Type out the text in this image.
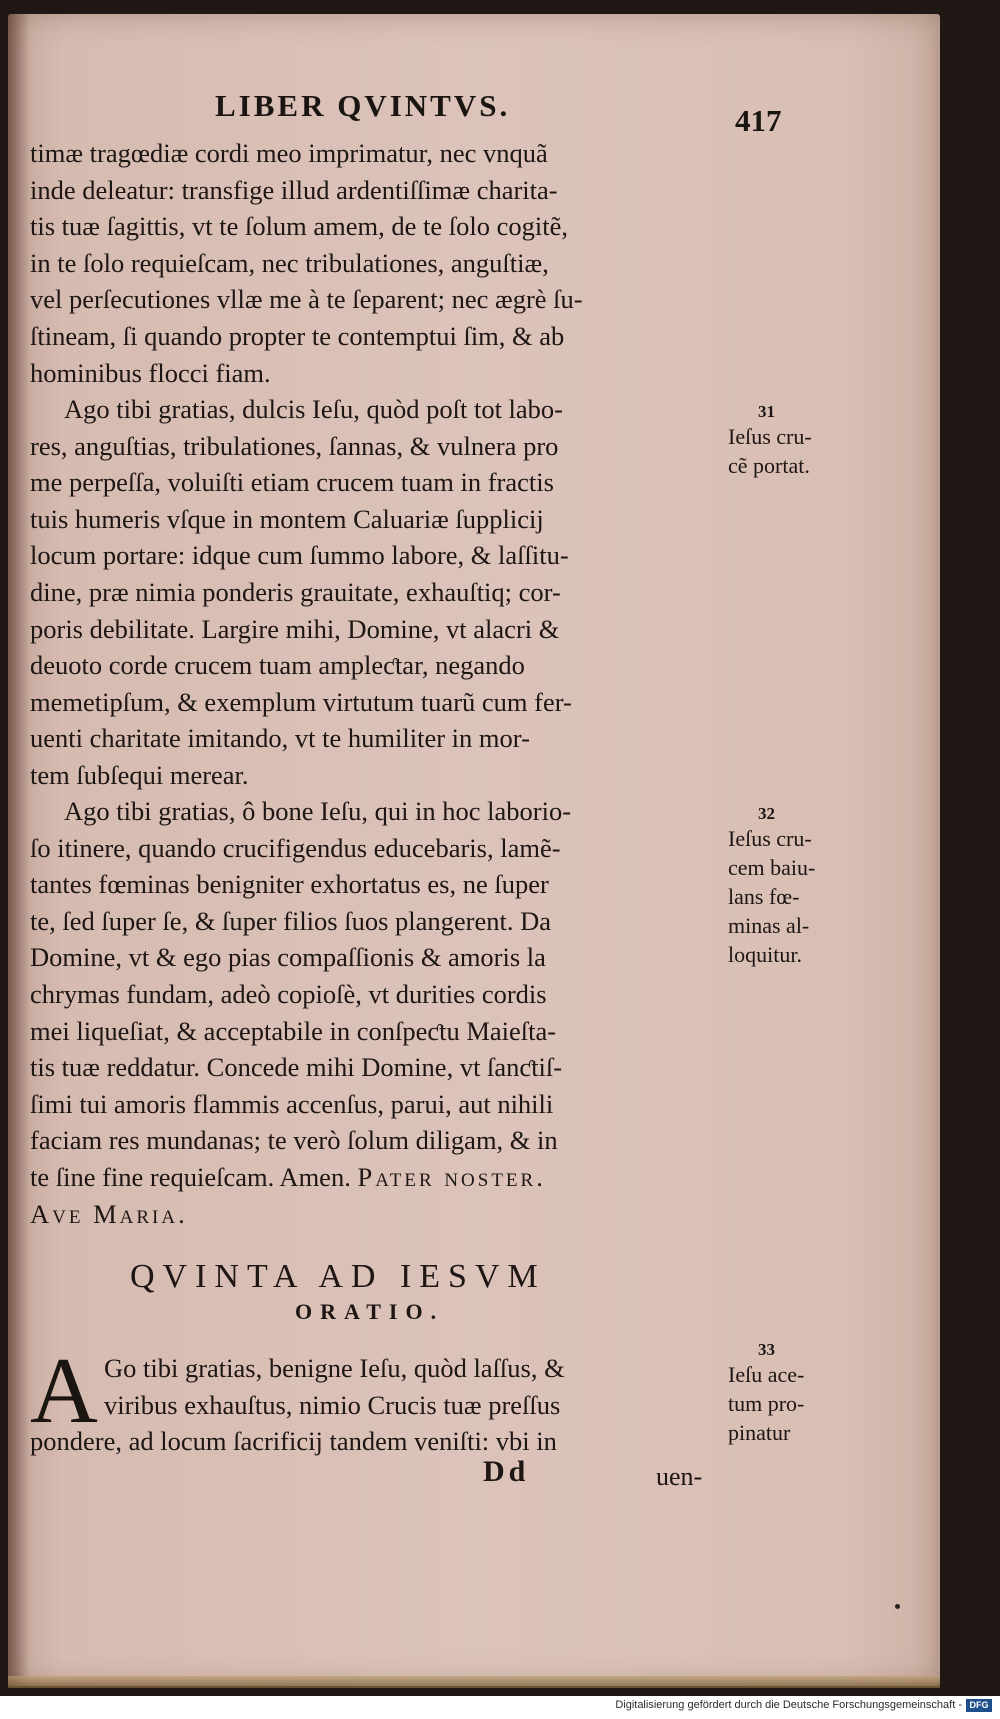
LIBER QVINTVS.	417
timæ tragœdiæ cordi meo imprimatur, nec vnquã
inde deleatur: transfige illud ardentiſſimæ charita-
tis tuæ ſagittis, vt te ſolum amem, de te ſolo cogitẽ,
in te ſolo requieſcam, nec tribulationes, anguſtiæ,
vel perſecutiones vllæ me à te ſeparent; nec ægrè ſu-
ſtineam, ſi quando propter te contemptui ſim, & ab
hominibus flocci fiam.
Ago tibi gratias, dulcis Ieſu, quòd poſt tot labo-
res, anguſtias, tribulationes, ſannas, & vulnera pro
me perpeſſa, voluiſti etiam crucem tuam in fractis
tuis humeris vſque in montem Caluariæ ſupplicij
locum portare: idque cum ſummo labore, & laſſitu-
dine, præ nimia ponderis grauitate, exhauſtiq; cor-
poris debilitate. Largire mihi, Domine, vt alacri &
deuoto corde crucem tuam ampleƈtar, negando
memetipſum, & exemplum virtutum tuarũ cum fer-
uenti charitate imitando, vt te humiliter in mor-
tem ſubſequi merear.
Ago tibi gratias, ô bone Ieſu, qui in hoc laborio-
ſo itinere, quando crucifigendus educebaris, lamẽ-
tantes fœminas benigniter exhortatus es, ne ſuper
te, ſed ſuper ſe, & ſuper filios ſuos plangerent. Da
Domine, vt & ego pias compaſſionis & amoris la
chrymas fundam, adeò copioſè, vt duritiеs cordis
mei liqueſiat, & acceptabile in conſpeƈtu Maieſta-
tis tuæ reddatur. Concede mihi Domine, vt ſanƈtiſ-
ſimi tui amoris flammis accenſus, parui, aut nihili
faciam res mundanas; te verò ſolum diligam, & in
te ſine fine requieſcam. Amen. Pater noster.
Ave Maria.
QVINTA AD IESVM
ORATIO.
A Go tibi gratias, benigne Ieſu, quòd laſſus, &
viribus exhauſtus, nimio Crucis tuæ preſſus
pondere, ad locum ſacrificij tandem veniſti: vbi in
Dd	uen-
31
Ieſus cru-
cẽ portat.
32
Ieſus cru-
cem baiu-
lans fœ-
minas al-
loquitur.
33
Ieſu ace-
tum pro-
pinatur
Digitalisierung gefördert durch die Deutsche Forschungsgemeinschaft - DFG
